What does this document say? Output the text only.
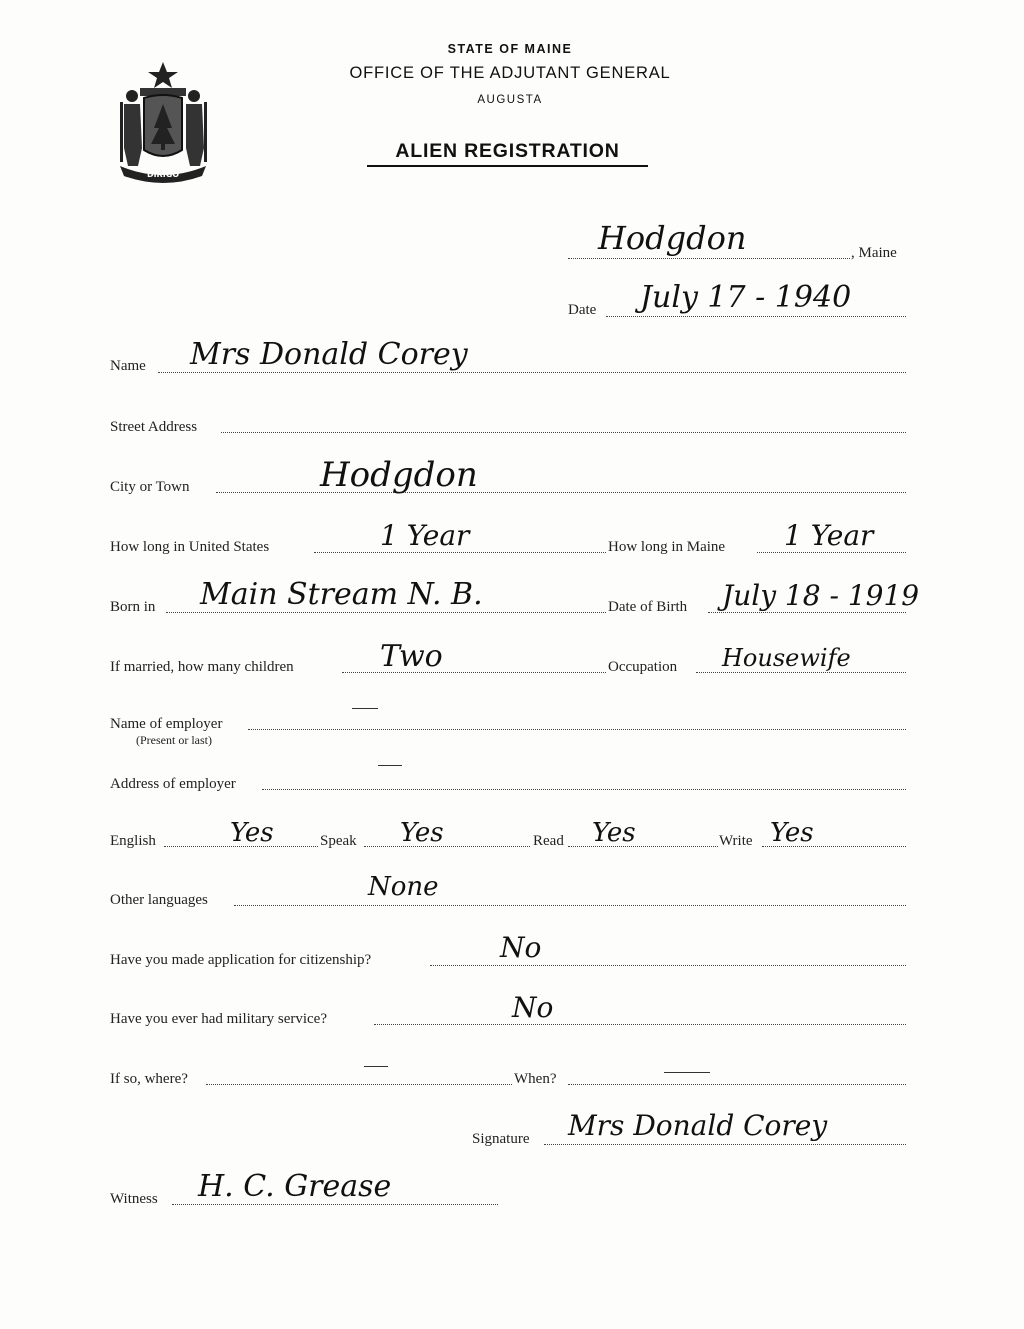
DIRIGO
STATE OF MAINE
OFFICE OF THE ADJUTANT GENERAL
AUGUSTA
ALIEN REGISTRATION
Hodgdon	, Maine
Date July 17 - 1940
Name Mrs Donald Corey
Street Address
City or Town	Hodgdon
How long in United States	1 Year	How long in Maine 1 Year
Born in Main Stream N. B.	Date of Birth July 18 - 1919
If married, how many children	Two	Occupation Housewife
Name of employer
(Present or last)
Address of employer
English	Yes	Speak Yes	Read Yes	Write Yes
Other languages	None
Have you made application for citizenship?	No
Have you ever had military service?	No
If so, where?	When?
Signature Mrs Donald Corey
Witness H. C. Grease
